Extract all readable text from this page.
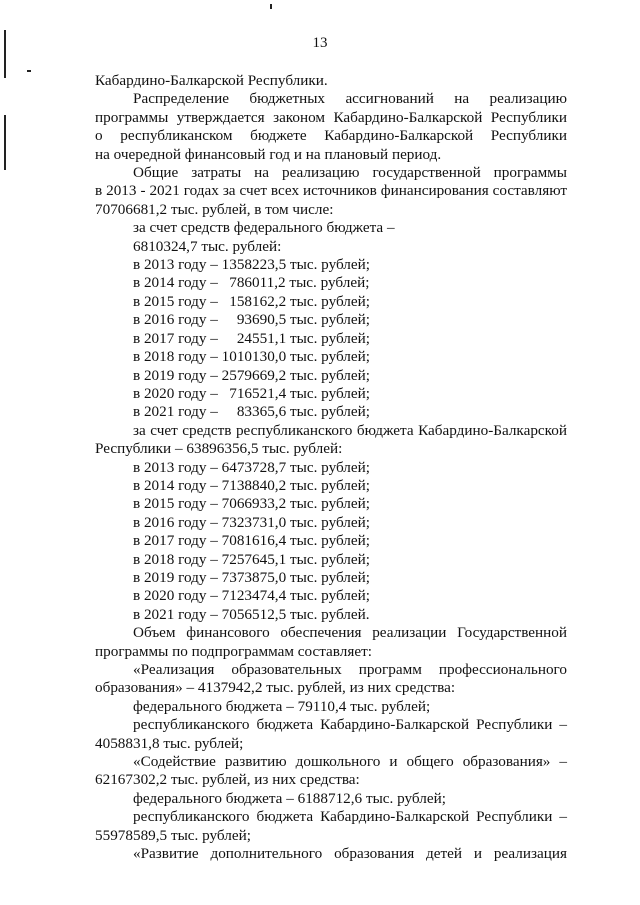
13
Кабардино-Балкарской Республики.
Распределение бюджетных ассигнований на реализацию
программы утверждается законом Кабардино-Балкарской Республики
о республиканском бюджете Кабардино-Балкарской Республики
на очередной финансовый год и на плановый период.
Общие затраты на реализацию государственной программы
в 2013 - 2021 годах за счет всех источников финансирования составляют
70706681,2 тыс. рублей, в том числе:
за счет средств федерального бюджета –
6810324,7 тыс. рублей:
в 2013 году – 1358223,5 тыс. рублей;
в 2014 году –   786011,2 тыс. рублей;
в 2015 году –   158162,2 тыс. рублей;
в 2016 году –     93690,5 тыс. рублей;
в 2017 году –     24551,1 тыс. рублей;
в 2018 году – 1010130,0 тыс. рублей;
в 2019 году – 2579669,2 тыс. рублей;
в 2020 году –   716521,4 тыс. рублей;
в 2021 году –     83365,6 тыс. рублей;
за счет средств республиканского бюджета Кабардино-Балкарской
Республики – 63896356,5 тыс. рублей:
в 2013 году – 6473728,7 тыс. рублей;
в 2014 году – 7138840,2 тыс. рублей;
в 2015 году – 7066933,2 тыс. рублей;
в 2016 году – 7323731,0 тыс. рублей;
в 2017 году – 7081616,4 тыс. рублей;
в 2018 году – 7257645,1 тыс. рублей;
в 2019 году – 7373875,0 тыс. рублей;
в 2020 году – 7123474,4 тыс. рублей;
в 2021 году – 7056512,5 тыс. рублей.
Объем финансового обеспечения реализации Государственной
программы по подпрограммам составляет:
«Реализация образовательных программ профессионального
образования» – 4137942,2 тыс. рублей, из них средства:
федерального бюджета – 79110,4 тыс. рублей;
республиканского бюджета Кабардино-Балкарской Республики –
4058831,8 тыс. рублей;
«Содействие развитию дошкольного и общего образования» –
62167302,2 тыс. рублей, из них средства:
федерального бюджета – 6188712,6 тыс. рублей;
республиканского бюджета Кабардино-Балкарской Республики –
55978589,5 тыс. рублей;
«Развитие дополнительного образования детей и реализация
